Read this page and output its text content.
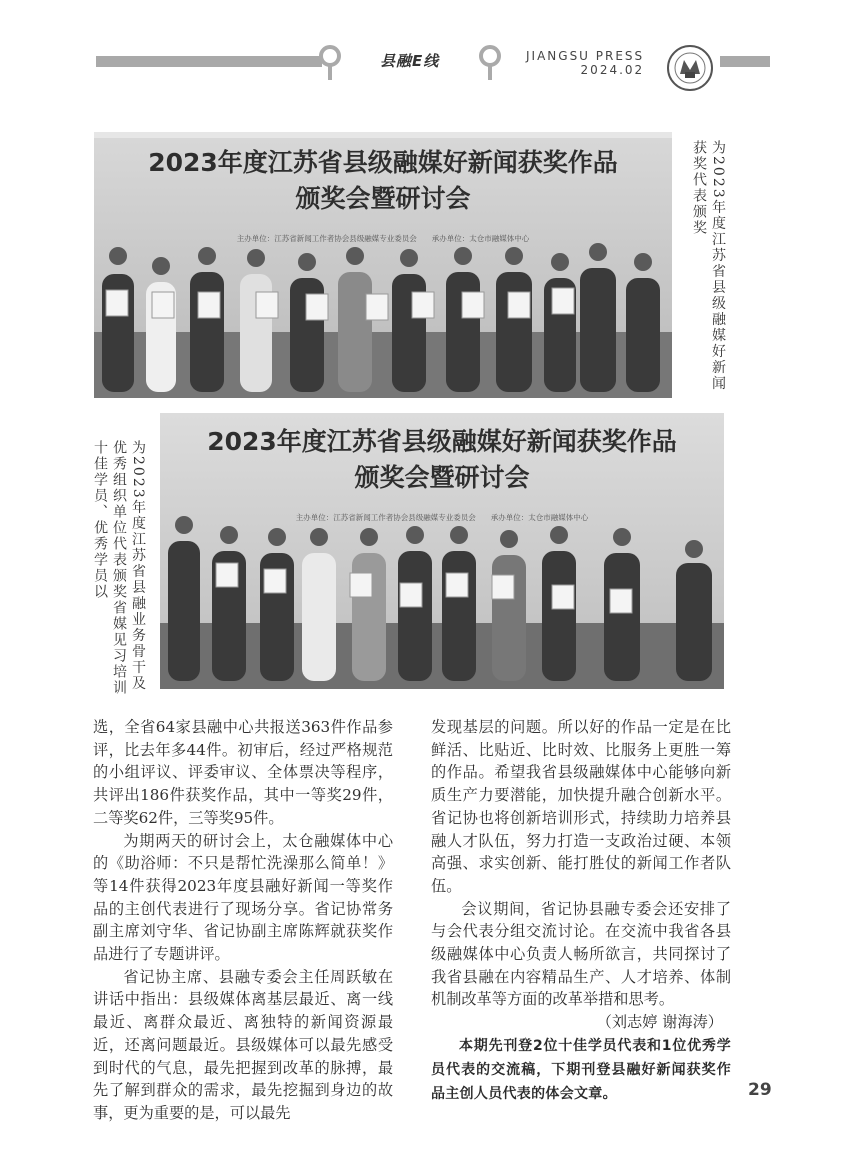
县融E线	JIANGSU PRESS
2024.02
2023年度江苏省县级融媒好新闻获奖作品
颁奖会暨研讨会
主办单位：江苏省新闻工作者协会县级融媒专业委员会　　承办单位：太仓市融媒体中心	为2023年度江苏省县级融媒好新闻获奖代表颁奖
为2023年度江苏省县融业务骨干及优秀组织单位代表颁奖省媒见习培训十佳学员、优秀学员以	2023年度江苏省县级融媒好新闻获奖作品
颁奖会暨研讨会
主办单位：江苏省新闻工作者协会县级融媒专业委员会　　承办单位：太仓市融媒体中心

选，全省64家县融中心共报送363件作品参评，比去年多44件。初审后，经过严格规范的小组评议、评委审议、全体票决等程序，共评出186件获奖作品，其中一等奖29件，二等奖62件，三等奖95件。

为期两天的研讨会上，太仓融媒体中心的《助浴师：不只是帮忙洗澡那么简单！》等14件获得2023年度县融好新闻一等奖作品的主创代表进行了现场分享。省记协常务副主席刘守华、省记协副主席陈辉就获奖作品进行了专题讲评。

省记协主席、县融专委会主任周跃敏在讲话中指出：县级媒体离基层最近、离一线最近、离群众最近、离独特的新闻资源最近，还离问题最近。县级媒体可以最先感受到时代的气息，最先把握到改革的脉搏，最先了解到群众的需求，最先挖掘到身边的故事，更为重要的是，可以最先

发现基层的问题。所以好的作品一定是在比鲜活、比贴近、比时效、比服务上更胜一筹的作品。希望我省县级融媒体中心能够向新质生产力要潜能，加快提升融合创新水平。省记协也将创新培训形式，持续助力培养县融人才队伍，努力打造一支政治过硬、本领高强、求实创新、能打胜仗的新闻工作者队伍。

会议期间，省记协县融专委会还安排了与会代表分组交流讨论。在交流中我省各县级融媒体中心负责人畅所欲言，共同探讨了我省县融在内容精品生产、人才培养、体制机制改革等方面的改革举措和思考。

（刘志婷 谢海涛）

本期先刊登2位十佳学员代表和1位优秀学员代表的交流稿，下期刊登县融好新闻获奖作品主创人员代表的体会文章。	29
